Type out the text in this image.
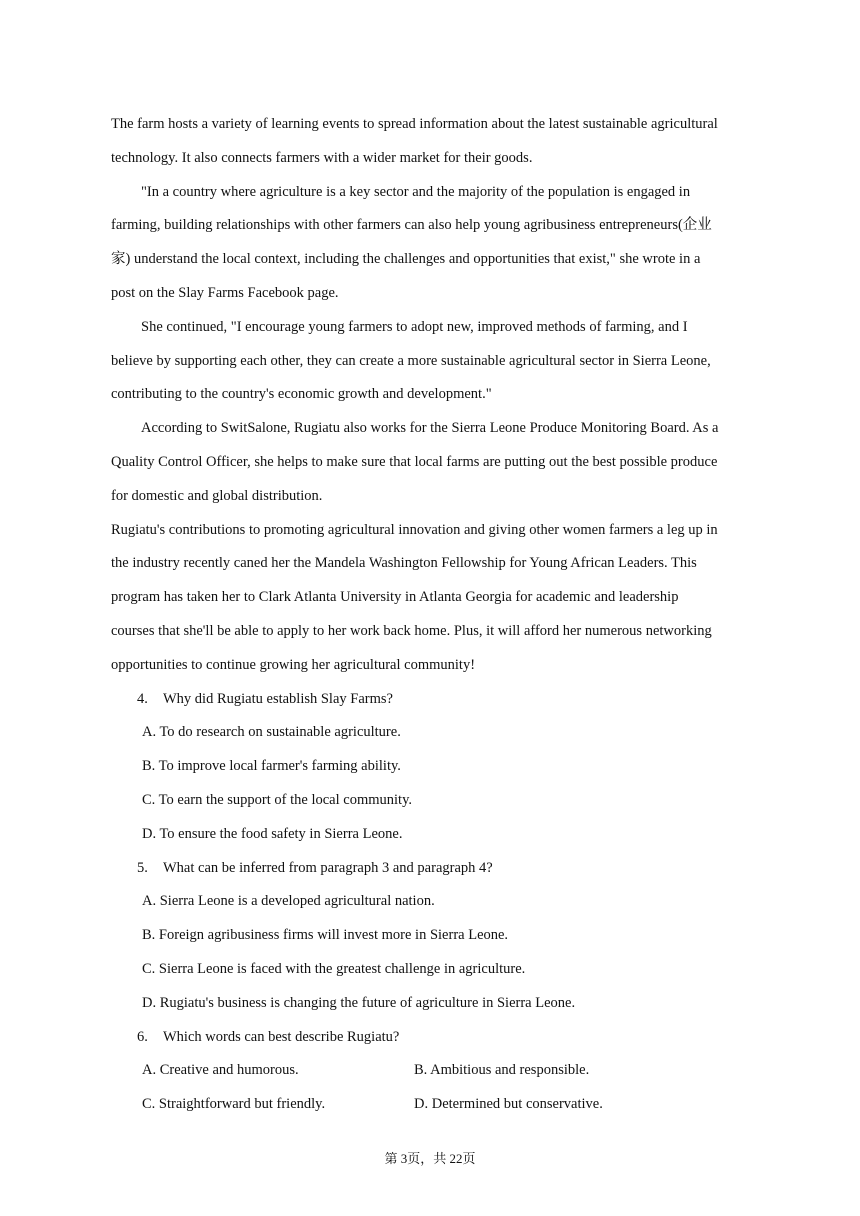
The farm hosts a variety of learning events to spread information about the latest sustainable agricultural
technology. It also connects farmers with a wider market for their goods.
"In a country where agriculture is a key sector and the majority of the population is engaged in
farming, building relationships with other farmers can also help young agribusiness entrepreneurs(企业
家) understand the local context, including the challenges and opportunities that exist," she wrote in a
post on the Slay Farms Facebook page.
She continued, "I encourage young farmers to adopt new, improved methods of farming, and I
believe by supporting each other, they can create a more sustainable agricultural sector in Sierra Leone,
contributing to the country's economic growth and development."
According to SwitSalone, Rugiatu also works for the Sierra Leone Produce Monitoring Board. As a
Quality Control Officer, she helps to make sure that local farms are putting out the best possible produce
for domestic and global distribution.
Rugiatu's contributions to promoting agricultural innovation and giving other women farmers a leg up in
the industry recently caned her the Mandela Washington Fellowship for Young African Leaders. This
program has taken her to Clark Atlanta University in Atlanta Georgia for academic and leadership
courses that she'll be able to apply to her work back home. Plus, it will afford her numerous networking
opportunities to continue growing her agricultural community!
4. Why did Rugiatu establish Slay Farms?
A. To do research on sustainable agriculture.
B. To improve local farmer's farming ability.
C. To earn the support of the local community.
D. To ensure the food safety in Sierra Leone.
5. What can be inferred from paragraph 3 and paragraph 4?
A. Sierra Leone is a developed agricultural nation.
B. Foreign agribusiness firms will invest more in Sierra Leone.
C. Sierra Leone is faced with the greatest challenge in agriculture.
D. Rugiatu's business is changing the future of agriculture in Sierra Leone.
6. Which words can best describe Rugiatu?
A. Creative and humorous.	B. Ambitious and responsible.
C. Straightforward but friendly.	D. Determined but conservative.
第 3页，共 22页
